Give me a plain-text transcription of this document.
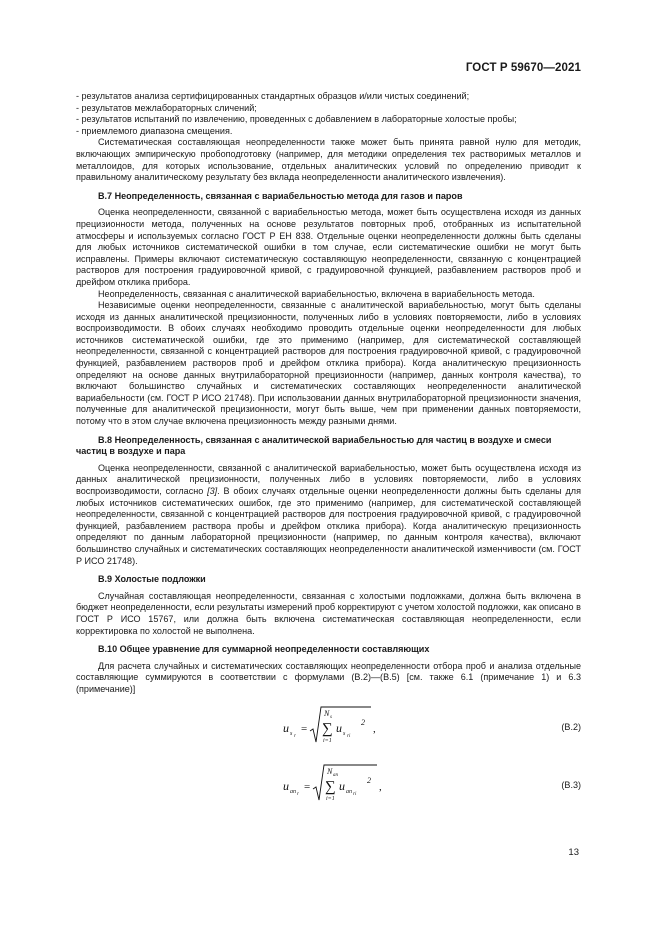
ГОСТ Р 59670—2021
- результатов анализа сертифицированных стандартных образцов и/или чистых соединений;
- результатов межлабораторных сличений;
- результатов испытаний по извлечению, проведенных с добавлением в лабораторные холостые пробы;
- приемлемого диапазона смещения.

Систематическая составляющая неопределенности также может быть принята равной нулю для методик, включающих эмпирическую пробоподготовку (например, для методики определения тех растворимых металлов и металлоидов, для которых использование, отдельных аналитических условий по определению приводит к правильному аналитическому результату без вклада неопределенности аналитического извлечения).

В.7 Неопределенность, связанная с вариабельностью метода для газов и паров

Оценка неопределенности, связанной с вариабельностью метода, может быть осуществлена исходя из данных прецизионности метода, полученных на основе результатов повторных проб, отобранных из испытательной атмосферы и используемых согласно ГОСТ Р ЕН 838. Отдельные оценки неопределенности должны быть сделаны для любых источников систематической ошибки в том случае, если систематические ошибки не могут быть исправлены. Примеры включают систематическую составляющую неопределенности, связанную с концентрацией растворов для построения градуировочной кривой, с градуировочной функцией, разбавлением растворов проб и дрейфом отклика прибора.

Неопределенность, связанная с аналитической вариабельностью, включена в вариабельность метода.

Независимые оценки неопределенности, связанные с аналитической вариабельностью, могут быть сделаны исходя из данных аналитической прецизионности, полученных либо в условиях повторяемости, либо в условиях воспроизводимости. В обоих случаях необходимо проводить отдельные оценки неопределенности для любых источников систематической ошибки, где это применимо (например, для систематической составляющей неопределенности, связанной с концентрацией растворов для построения градуировочной кривой, с градуировочной функцией, разбавлением растворов проб и дрейфом отклика прибора). Когда аналитическую прецизионность определяют на основе данных внутрилабораторной прецизионности (например, данных контроля качества), то включают большинство случайных и систематических составляющих неопределенности аналитической вариабельности (см. ГОСТ Р ИСО 21748). При использовании данных внутрилабораторной прецизионности значения, полученные для аналитической прецизионности, могут быть выше, чем при применении данных повторяемости, потому что в этом случае включена прецизионность между разными днями.

В.8 Неопределенность, связанная с аналитической вариабельностью для частиц в воздухе и смеси частиц в воздухе и пара

Оценка неопределенности, связанной с аналитической вариабельностью, может быть осуществлена исходя из данных аналитической прецизионности, полученных либо в условиях повторяемости, либо в условиях воспроизводимости, согласно [3]. В обоих случаях отдельные оценки неопределенности должны быть сделаны для любых источников систематических ошибок, где это применимо (например, для систематической составляющей неопределенности, связанной с концентрацией растворов для построения градуировочной кривой, с градуировочной функцией, разбавлением раствора пробы и дрейфом отклика прибора). Когда аналитическую прецизионность определяют по данным лабораторной прецизионности (например, по данным контроля качества), включают большинство случайных и систематических составляющих неопределенности аналитической изменчивости (см. ГОСТ Р ИСО 21748).

В.9 Холостые подложки

Случайная составляющая неопределенности, связанная с холостыми подложками, должна быть включена в бюджет неопределенности, если результаты измерений проб корректируют с учетом холостой подложки, как описано в ГОСТ Р ИСО 15767, или должна быть включена систематическая составляющая неопределенности, если корректировка по холостой не выполнена.

В.10 Общее уравнение для суммарной неопределенности составляющих

Для расчета случайных и систематических составляющих неопределенности отбора проб и анализа отдельные составляющие суммируются в соответствии с формулами (В.2)—(В.5) [см. также 6.1 (примечание 1) и 6.3 (примечание)]

u s r
=
N s
∑
i=1
u s ri
2
,	(В.2)
u an r
=
N an
∑
i=1
u an ri
2
,	(В.3)
13
